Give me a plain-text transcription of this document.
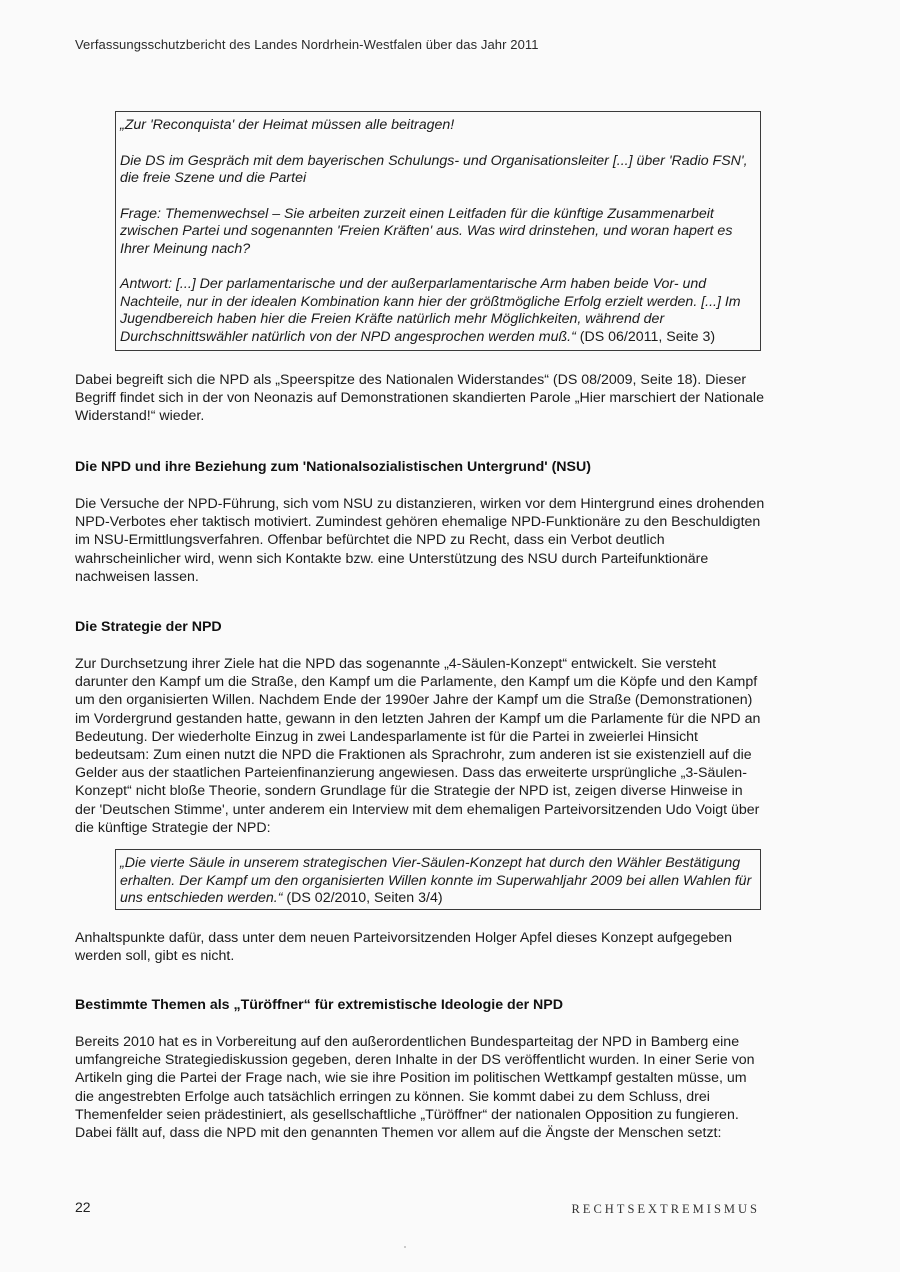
Verfassungsschutzbericht des Landes Nordrhein-Westfalen über das Jahr 2011

„Zur 'Reconquista' der Heimat müssen alle beitragen!

Die DS im Gespräch mit dem bayerischen Schulungs- und Organisationsleiter [...] über 'Radio FSN', die freie Szene und die Partei

Frage: Themenwechsel – Sie arbeiten zurzeit einen Leitfaden für die künftige Zusammenarbeit zwischen Partei und sogenannten 'Freien Kräften' aus. Was wird drinstehen, und woran hapert es Ihrer Meinung nach?

Antwort: [...] Der parlamentarische und der außerparlamentarische Arm haben beide Vor- und Nachteile, nur in der idealen Kombination kann hier der größtmögliche Erfolg erzielt werden. [...] Im Jugendbereich haben hier die Freien Kräfte natürlich mehr Möglichkeiten, während der Durchschnittswähler natürlich von der NPD angesprochen werden muß.“ (DS 06/2011, Seite 3)

Dabei begreift sich die NPD als „Speerspitze des Nationalen Widerstandes“ (DS 08/2009, Seite 18). Dieser Begriff findet sich in der von Neonazis auf Demonstrationen skandierten Parole „Hier marschiert der Nationale Widerstand!“ wieder.

Die NPD und ihre Beziehung zum 'Nationalsozialistischen Untergrund' (NSU)

Die Versuche der NPD-Führung, sich vom NSU zu distanzieren, wirken vor dem Hintergrund eines drohenden NPD-Verbotes eher taktisch motiviert. Zumindest gehören ehemalige NPD-Funktionäre zu den Beschuldigten im NSU-Ermittlungsverfahren. Offenbar befürchtet die NPD zu Recht, dass ein Verbot deutlich wahrscheinlicher wird, wenn sich Kontakte bzw. eine Unterstützung des NSU durch Parteifunktionäre nachweisen lassen.

Die Strategie der NPD

Zur Durchsetzung ihrer Ziele hat die NPD das sogenannte „4-Säulen-Konzept“ entwickelt. Sie versteht darunter den Kampf um die Straße, den Kampf um die Parlamente, den Kampf um die Köpfe und den Kampf um den organisierten Willen. Nachdem Ende der 1990er Jahre der Kampf um die Straße (Demonstrationen) im Vordergrund gestanden hatte, gewann in den letzten Jahren der Kampf um die Parlamente für die NPD an Bedeutung. Der wiederholte Einzug in zwei Landesparlamente ist für die Partei in zweierlei Hinsicht bedeutsam: Zum einen nutzt die NPD die Fraktionen als Sprachrohr, zum anderen ist sie existenziell auf die Gelder aus der staatlichen Parteienfinanzierung angewiesen. Dass das erweiterte ursprüngliche „3-Säulen-Konzept“ nicht bloße Theorie, sondern Grundlage für die Strategie der NPD ist, zeigen diverse Hinweise in der 'Deutschen Stimme', unter anderem ein Interview mit dem ehemaligen Parteivorsitzenden Udo Voigt über die künftige Strategie der NPD:

„Die vierte Säule in unserem strategischen Vier-Säulen-Konzept hat durch den Wähler Bestätigung erhalten. Der Kampf um den organisierten Willen konnte im Superwahljahr 2009 bei allen Wahlen für uns entschieden werden.“ (DS 02/2010, Seiten 3/4)

Anhaltspunkte dafür, dass unter dem neuen Parteivorsitzenden Holger Apfel dieses Konzept aufgegeben werden soll, gibt es nicht.

Bestimmte Themen als „Türöffner“ für extremistische Ideologie der NPD

Bereits 2010 hat es in Vorbereitung auf den außerordentlichen Bundesparteitag der NPD in Bamberg eine umfangreiche Strategiediskussion gegeben, deren Inhalte in der DS veröffentlicht wurden. In einer Serie von Artikeln ging die Partei der Frage nach, wie sie ihre Position im politischen Wettkampf gestalten müsse, um die angestrebten Erfolge auch tatsächlich erringen zu können. Sie kommt dabei zu dem Schluss, drei Themenfelder seien prädestiniert, als gesellschaftliche „Türöffner“ der nationalen Opposition zu fungieren. Dabei fällt auf, dass die NPD mit den genannten Themen vor allem auf die Ängste der Menschen setzt:

22	RECHTSEXTREMISMUS
